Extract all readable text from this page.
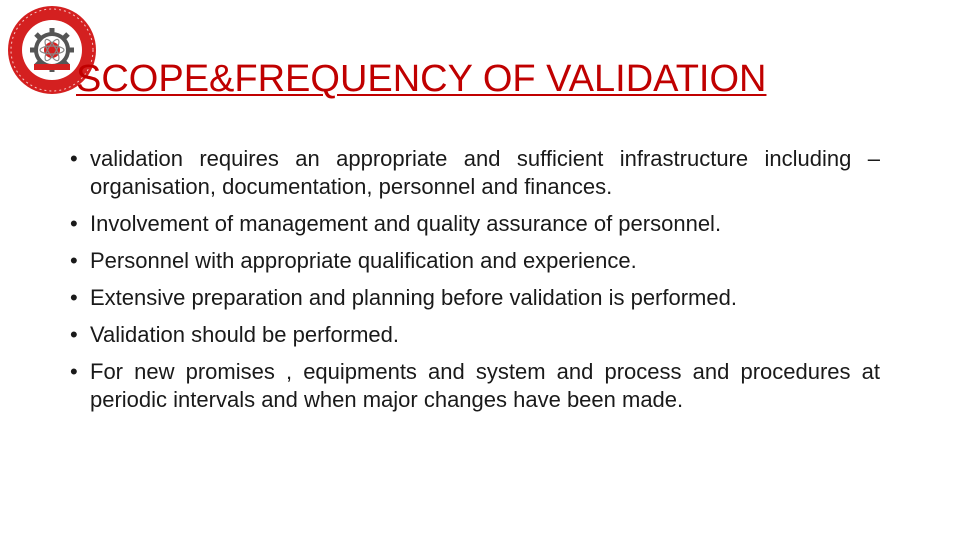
SCOPE&FREQUENCY OF VALIDATION
• validation requires an appropriate and sufficient infrastructure including – organisation, documentation, personnel and finances.
• Involvement of management and quality assurance of personnel.
• Personnel with appropriate qualification and experience.
• Extensive preparation and planning before validation is performed.
• Validation should be performed.
• For new promises , equipments and system and process and procedures at periodic intervals and when major changes have been made.
